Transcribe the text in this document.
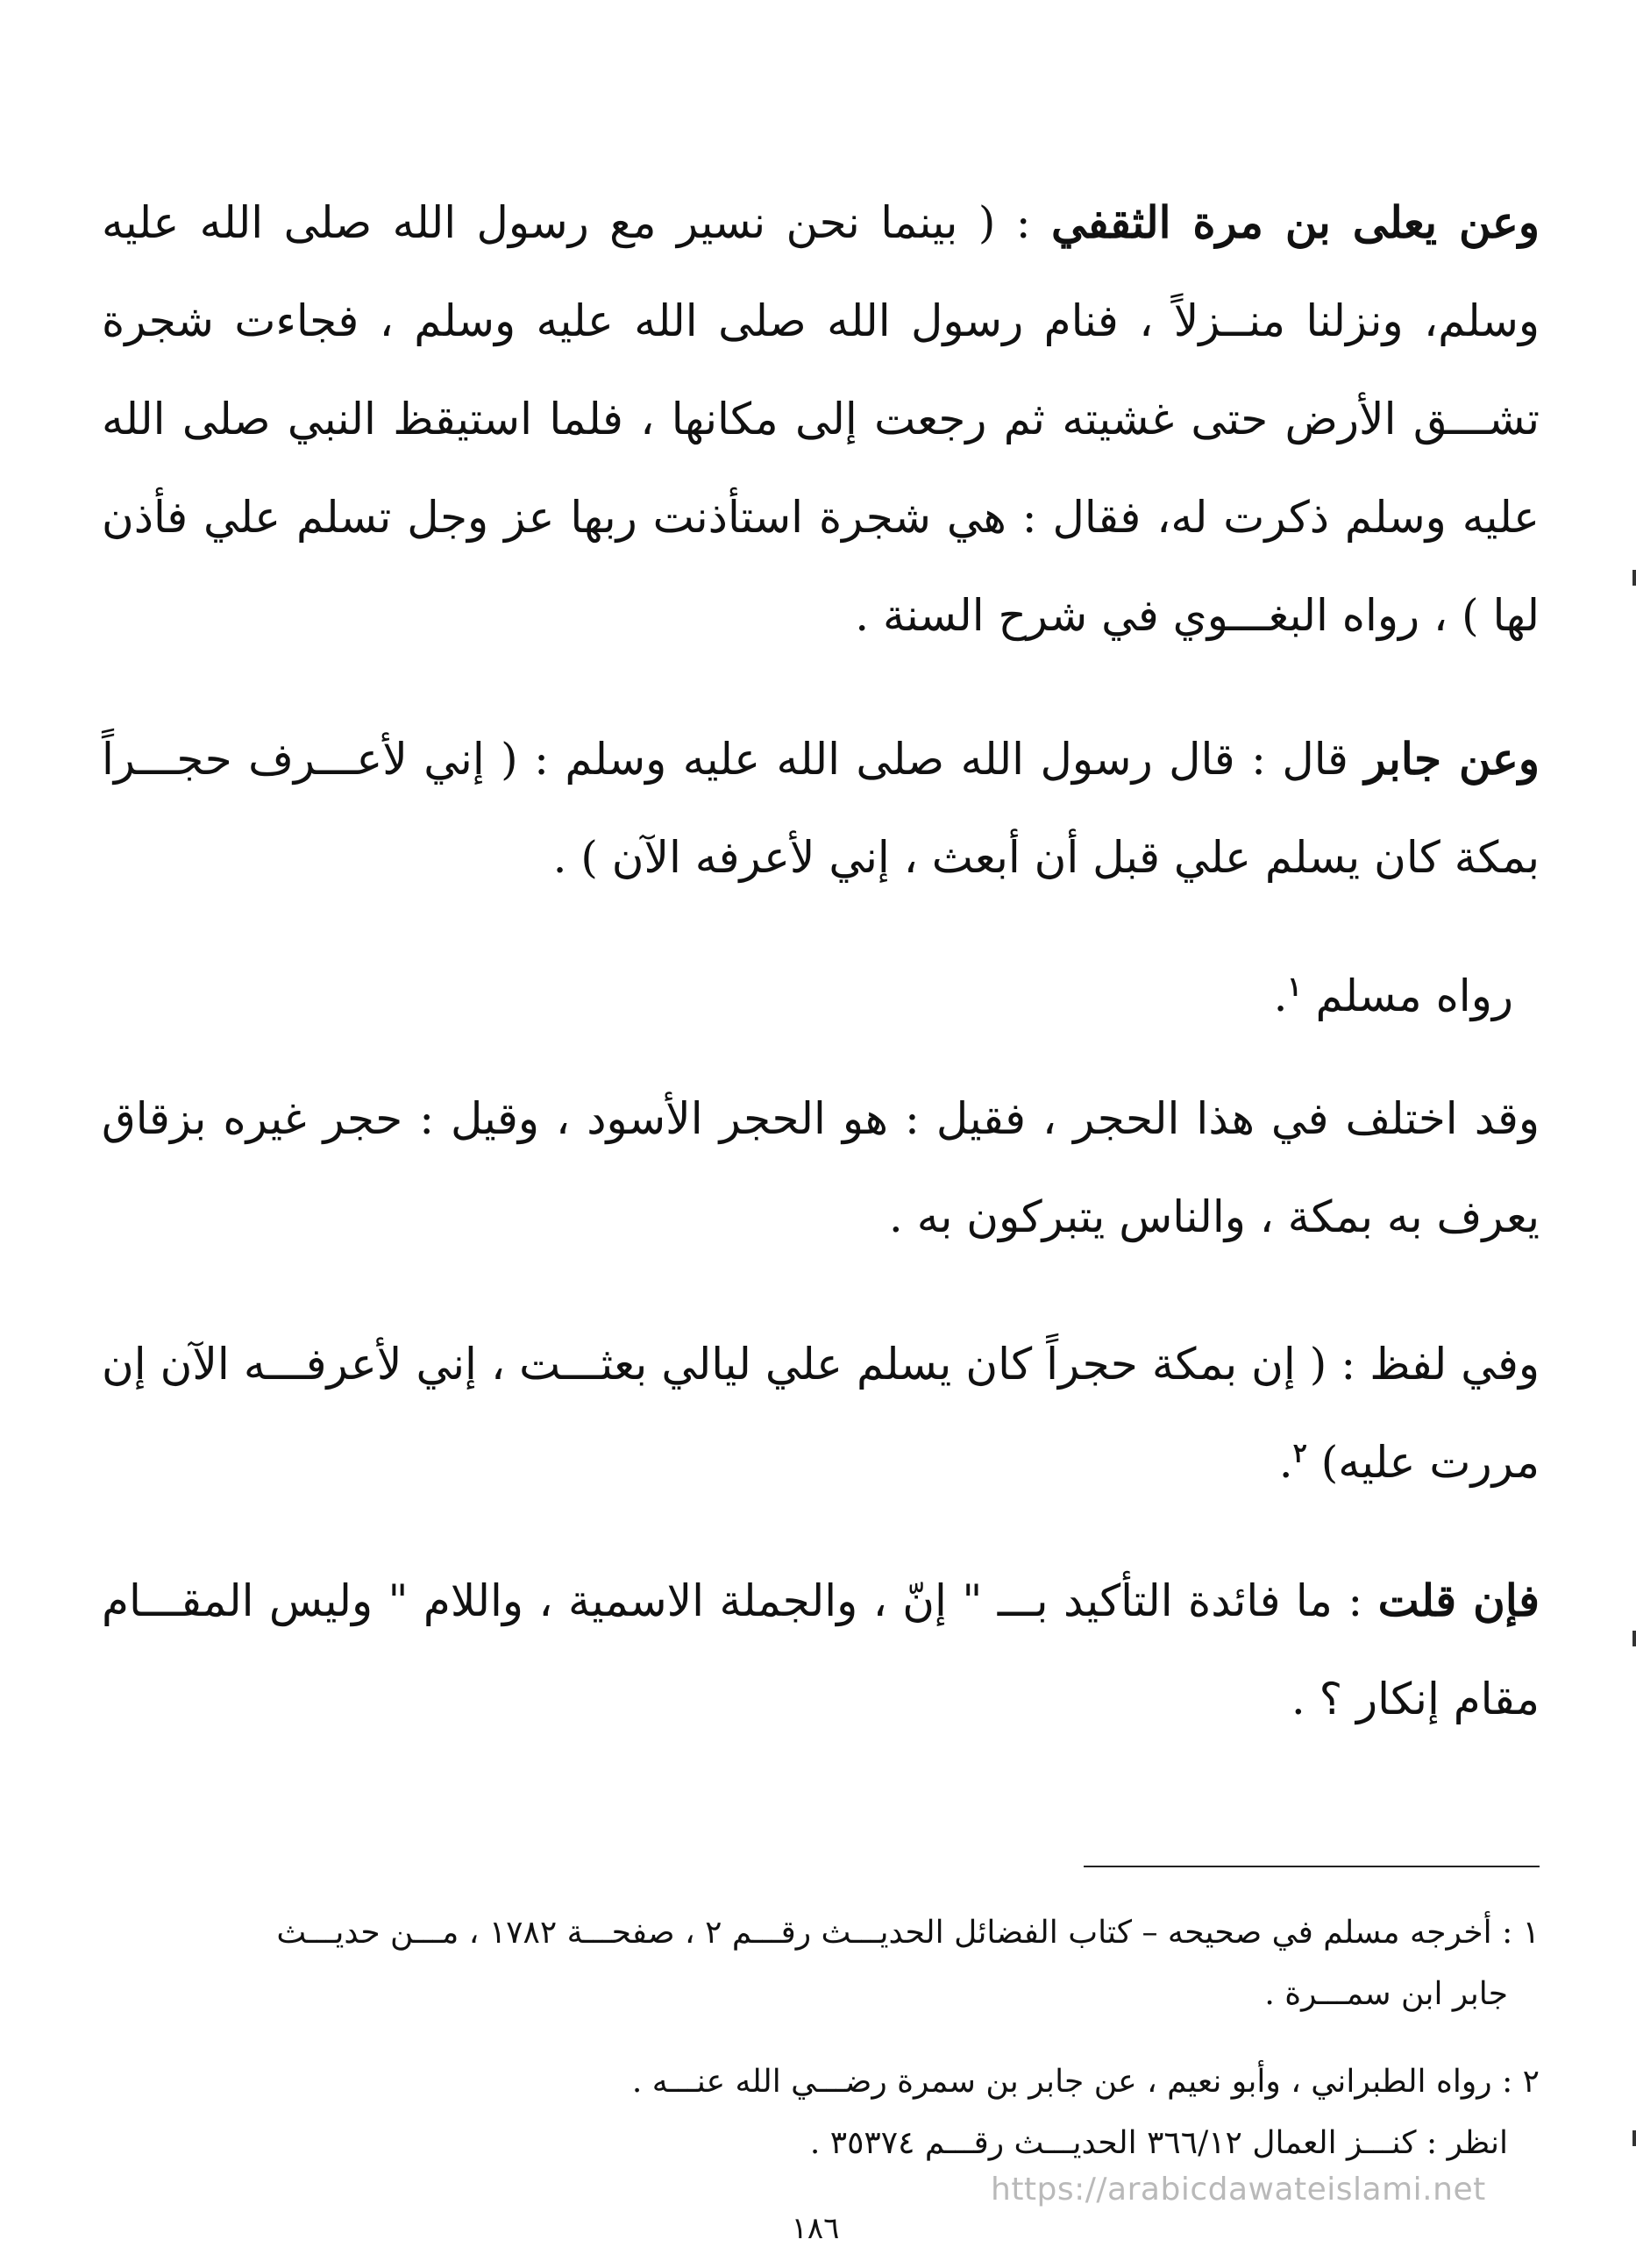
وعن يعلى بن مرة الثقفي : ( بينما نحن نسير مع رسول الله صلى الله عليه وسلم، ونزلنا منــزلاً ، فنام رسول الله صلى الله عليه وسلم ، فجاءت شجرة تشـــق الأرض حتى غشيته ثم رجعت إلى مكانها ، فلما استيقظ النبي صلى الله عليه وسلم ذكرت له، فقال : هي شجرة استأذنت ربها عز وجل تسلم علي فأذن لها ) ، رواه البغـــوي في شرح السنة .
وعن جابر قال : قال رسول الله صلى الله عليه وسلم : ( إني لأعـــرف حجـــراً بمكة كان يسلم علي قبل أن أبعث ، إني لأعرفه الآن ) .
رواه مسلم $^١$.
وقد اختلف في هذا الحجر ، فقيل : هو الحجر الأسود ، وقيل : حجر غيره بزقاق يعرف به بمكة ، والناس يتبركون به .
وفي لفظ : ( إن بمكة حجراً كان يسلم علي ليالي بعثـــت ، إني لأعرفـــه الآن إن مررت عليه) $^٢$.
فإن قلت : ما فائدة التأكيد بـــ " إنّ ، والجملة الاسمية ، واللام " وليس المقـــام مقام إنكار ؟ .
١ : أخرجه مسلم في صحيحه – كتاب الفضائل الحديـــث رقـــم ٢ ، صفحـــة ١٧٨٢ ، مـــن حديـــث
جابر ابن سمـــرة .
٢ : رواه الطبراني ، وأبو نعيم ، عن جابر بن سمرة رضـــي الله عنـــه .
انظر : كنـــز العمال ٣٦٦/١٢ الحديـــث رقـــم ٣٥٣٧٤ .
https://arabicdawateislami.net
١٨٦
